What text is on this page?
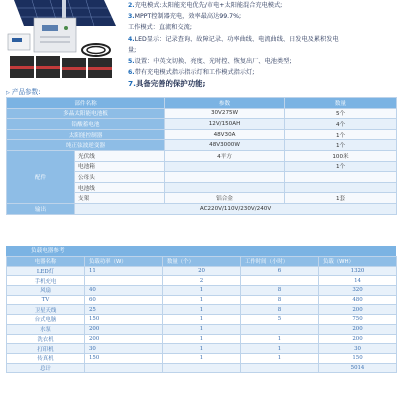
2.充电模式:太阳能充电优先/市电+太阳能混合充电模式;
3.MPPT控制器充电，效率最高达99.7%;
工作模式：直流和交流;
4.LED显示：记录查询、故障记录、功率曲线、电流曲线、日发电及累积发电
量;
5.设置：中英文切换、亮度、光时控、恢复出厂、电池类型;
6.带有充电模式指示指示灯和工作模式指示灯;
7.具备完善的保护功能;
▷ 产品参数:
部件名称		参数	数量
多晶太阳能电池板		30V275W	5个
铅酸蓄电池		12V/150AH	4个
太阳能控制器		48V30A	1个
纯正弦波逆变器		48V3000W	1个
配件	光伏线	4平方	100米
	电池箱		1个
	公母头		
	电池线		
	支架	铝合金	1套
输出	AC220V/110V/230V/240V		
负载电器参考
电器名称	负载功率（W）	数量（个）	工作时间（小时）	负载（WH）
LED灯	11	20	6	1320
手机充电		2		14
风扇	40	1	8	320
TV	60	1	8	480
卫星天线	25	1	8	200
台式电脑	150	1	5	750
水泵	200	1		200
洗衣机	200	1	1	200
打印机	30	1	1	30
传真机	150	1	1	150
总计				5014
